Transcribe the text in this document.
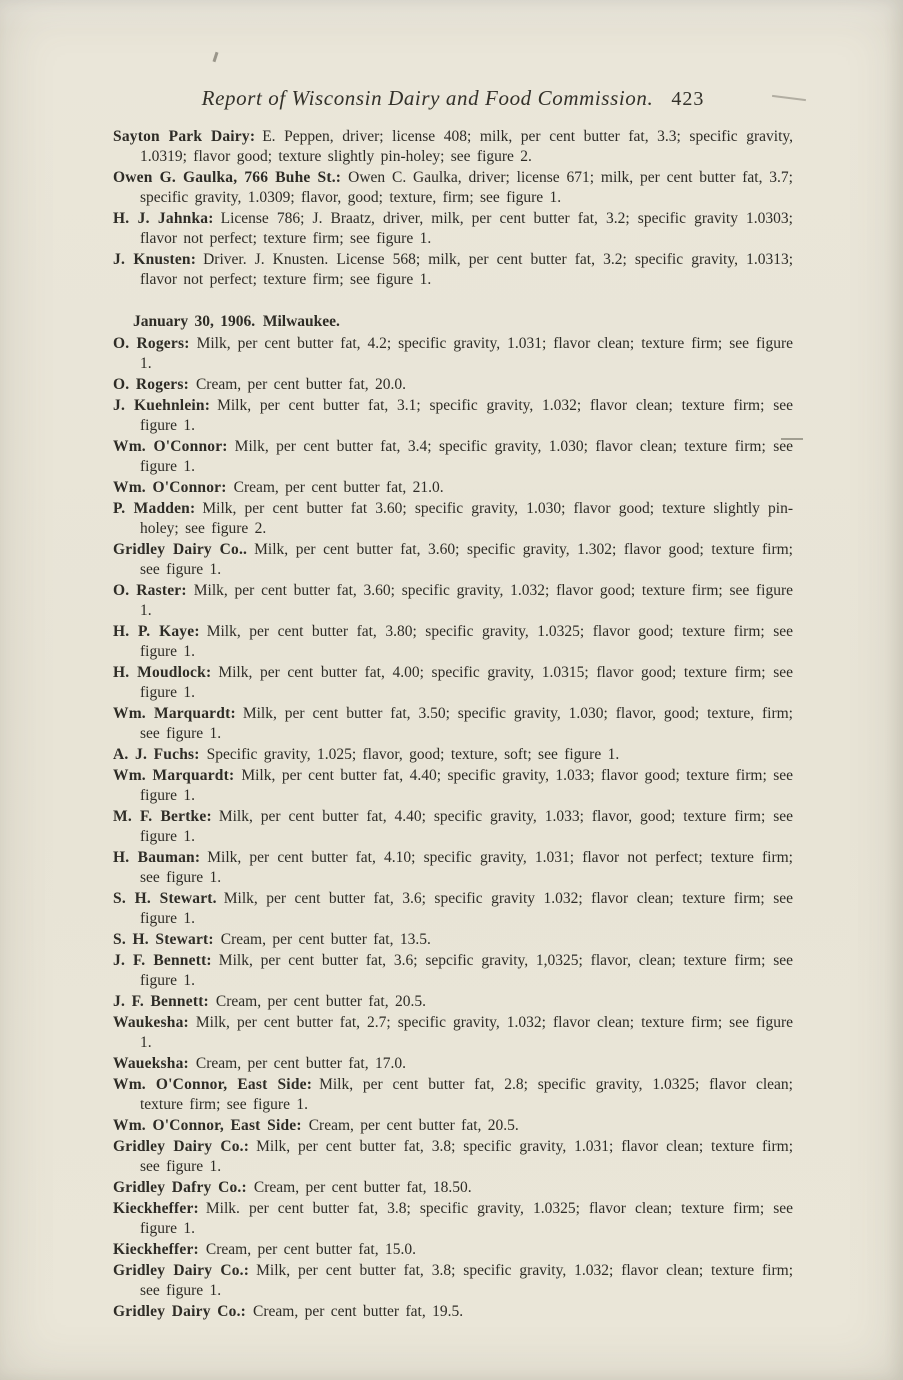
Report of Wisconsin Dairy and Food Commission. 423

Sayton Park Dairy: E. Peppen, driver; license 408; milk, per cent butter fat, 3.3; specific gravity, 1.0319; flavor good; texture slightly pin-holey; see figure 2.

Owen G. Gaulka, 766 Buhe St.: Owen C. Gaulka, driver; license 671; milk, per cent butter fat, 3.7; specific gravity, 1.0309; flavor, good; texture, firm; see figure 1.

H. J. Jahnka: License 786; J. Braatz, driver, milk, per cent butter fat, 3.2; specific gravity 1.0303; flavor not perfect; texture firm; see figure 1.

J. Knusten: Driver. J. Knusten. License 568; milk, per cent butter fat, 3.2; specific gravity, 1.0313; flavor not perfect; texture firm; see figure 1.

January 30, 1906. Milwaukee.

O. Rogers: Milk, per cent butter fat, 4.2; specific gravity, 1.031; flavor clean; texture firm; see figure 1.

O. Rogers: Cream, per cent butter fat, 20.0.

J. Kuehnlein: Milk, per cent butter fat, 3.1; specific gravity, 1.032; flavor clean; texture firm; see figure 1.

Wm. O'Connor: Milk, per cent butter fat, 3.4; specific gravity, 1.030; flavor clean; texture firm; see figure 1.

Wm. O'Connor: Cream, per cent butter fat, 21.0.

P. Madden: Milk, per cent butter fat 3.60; specific gravity, 1.030; flavor good; texture slightly pin-holey; see figure 2.

Gridley Dairy Co.. Milk, per cent butter fat, 3.60; specific gravity, 1.302; flavor good; texture firm; see figure 1.

O. Raster: Milk, per cent butter fat, 3.60; specific gravity, 1.032; flavor good; texture firm; see figure 1.

H. P. Kaye: Milk, per cent butter fat, 3.80; specific gravity, 1.0325; flavor good; texture firm; see figure 1.

H. Moudlock: Milk, per cent butter fat, 4.00; specific gravity, 1.0315; flavor good; texture firm; see figure 1.

Wm. Marquardt: Milk, per cent butter fat, 3.50; specific gravity, 1.030; flavor, good; texture, firm; see figure 1.

A. J. Fuchs: Specific gravity, 1.025; flavor, good; texture, soft; see figure 1.

Wm. Marquardt: Milk, per cent butter fat, 4.40; specific gravity, 1.033; flavor good; texture firm; see figure 1.

M. F. Bertke: Milk, per cent butter fat, 4.40; specific gravity, 1.033; flavor, good; texture firm; see figure 1.

H. Bauman: Milk, per cent butter fat, 4.10; specific gravity, 1.031; flavor not perfect; texture firm; see figure 1.

S. H. Stewart. Milk, per cent butter fat, 3.6; specific gravity 1.032; flavor clean; texture firm; see figure 1.

S. H. Stewart: Cream, per cent butter fat, 13.5.

J. F. Bennett: Milk, per cent butter fat, 3.6; sepcific gravity, 1,0325; flavor, clean; texture firm; see figure 1.

J. F. Bennett: Cream, per cent butter fat, 20.5.

Waukesha: Milk, per cent butter fat, 2.7; specific gravity, 1.032; flavor clean; texture firm; see figure 1.

Waueksha: Cream, per cent butter fat, 17.0.

Wm. O'Connor, East Side: Milk, per cent butter fat, 2.8; specific gravity, 1.0325; flavor clean; texture firm; see figure 1.

Wm. O'Connor, East Side: Cream, per cent butter fat, 20.5.

Gridley Dairy Co.: Milk, per cent butter fat, 3.8; specific gravity, 1.031; flavor clean; texture firm; see figure 1.

Gridley Dafry Co.: Cream, per cent butter fat, 18.50.

Kieckheffer: Milk. per cent butter fat, 3.8; specific gravity, 1.0325; flavor clean; texture firm; see figure 1.

Kieckheffer: Cream, per cent butter fat, 15.0.

Gridley Dairy Co.: Milk, per cent butter fat, 3.8; specific gravity, 1.032; flavor clean; texture firm; see figure 1.

Gridley Dairy Co.: Cream, per cent butter fat, 19.5.
